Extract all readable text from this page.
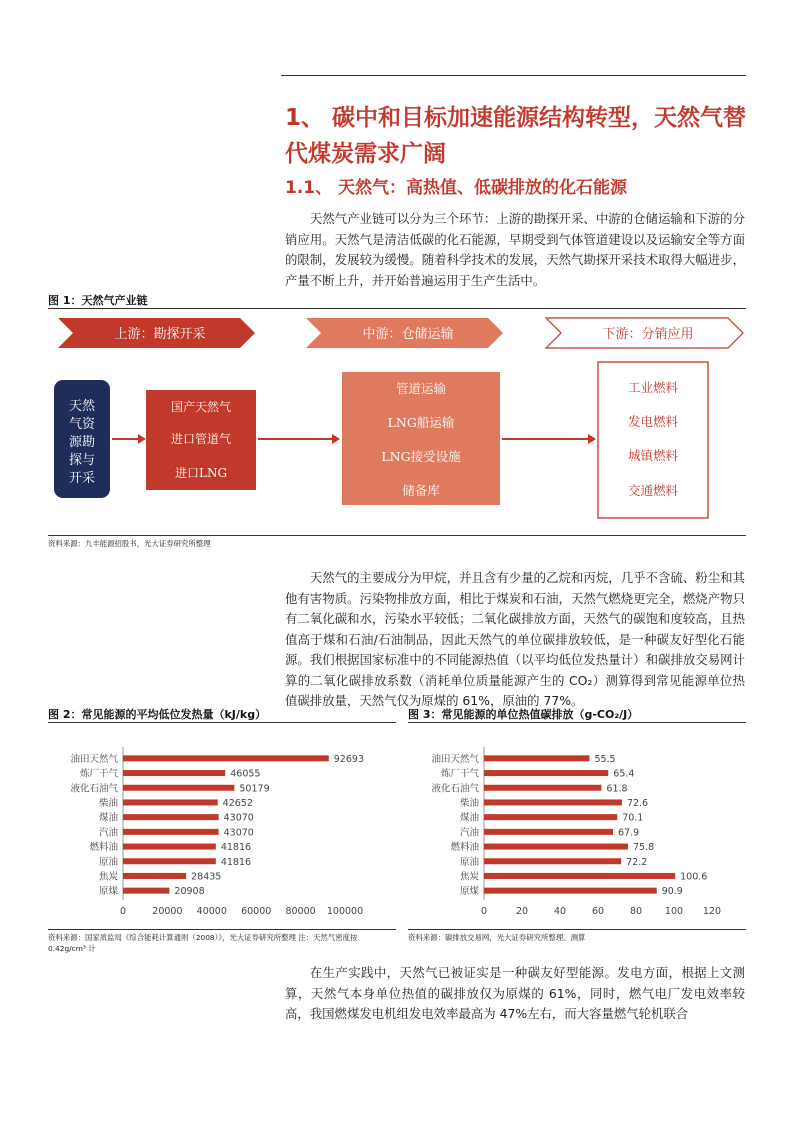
1、 碳中和目标加速能源结构转型，天然气替代煤炭需求广阔
1.1、 天然气：高热值、低碳排放的化石能源
天然气产业链可以分为三个环节：上游的勘探开采、中游的仓储运输和下游的分销应用。天然气是清洁低碳的化石能源，早期受到气体管道建设以及运输安全等方面的限制，发展较为缓慢。随着科学技术的发展，天然气勘探开采技术取得大幅进步，产量不断上升，并开始普遍运用于生产生活中。
图 1：天然气产业链
上游：勘探开采	中游：仓储运输	下游：分销应用
天然
气资
源勘
探与
开采
国产天然气
进口管道气
进口LNG
管道运输
LNG船运输
LNG接受设施
储备库
工业燃料
发电燃料
城镇燃料
交通燃料
资料来源：九丰能源招股书，光大证券研究所整理
天然气的主要成分为甲烷，并且含有少量的乙烷和丙烷，几乎不含硫、粉尘和其他有害物质。污染物排放方面，相比于煤炭和石油，天然气燃烧更完全，燃烧产物只有二氧化碳和水，污染水平较低；二氧化碳排放方面，天然气的碳饱和度较高，且热值高于煤和石油/石油制品，因此天然气的单位碳排放较低，是一种碳友好型化石能源。我们根据国家标准中的不同能源热值（以平均低位发热量计）和碳排放交易网计算的二氧化碳排放系数（消耗单位质量能源产生的 CO₂）测算得到常见能源单位热值碳排放量，天然气仅为原煤的 61%，原油的 77%。
图 2：常见能源的平均低位发热量（kJ/kg）
油田天然气	92693
炼厂干气	46055
液化石油气	50179
柴油	42652
煤油	43070
汽油	43070
燃料油	41816
原油	41816
焦炭	28435
原煤	20908
0	20000 40000 60000 80000 100000
资料来源：国家质监局《综合能耗计算通则（2008）》，光大证券研究所整理 注：天然气密度按 0.42g/cm³ 计
图 3：常见能源的单位热值碳排放（g-CO₂/J）
油田天然气	55.5
炼厂干气	65.4
液化石油气	61.8
柴油	72.6
煤油	70.1
汽油	67.9
燃料油	75.8
原油	72.2
焦炭	100.6
原煤	90.9
0	20	40	60	80 100 120
资料来源：碳排放交易网，光大证券研究所整理、测算
在生产实践中，天然气已被证实是一种碳友好型能源。发电方面，根据上文测算，天然气本身单位热值的碳排放仅为原煤的 61%，同时，燃气电厂发电效率较高，我国燃煤发电机组发电效率最高为 47%左右，而大容量燃气轮机联合
